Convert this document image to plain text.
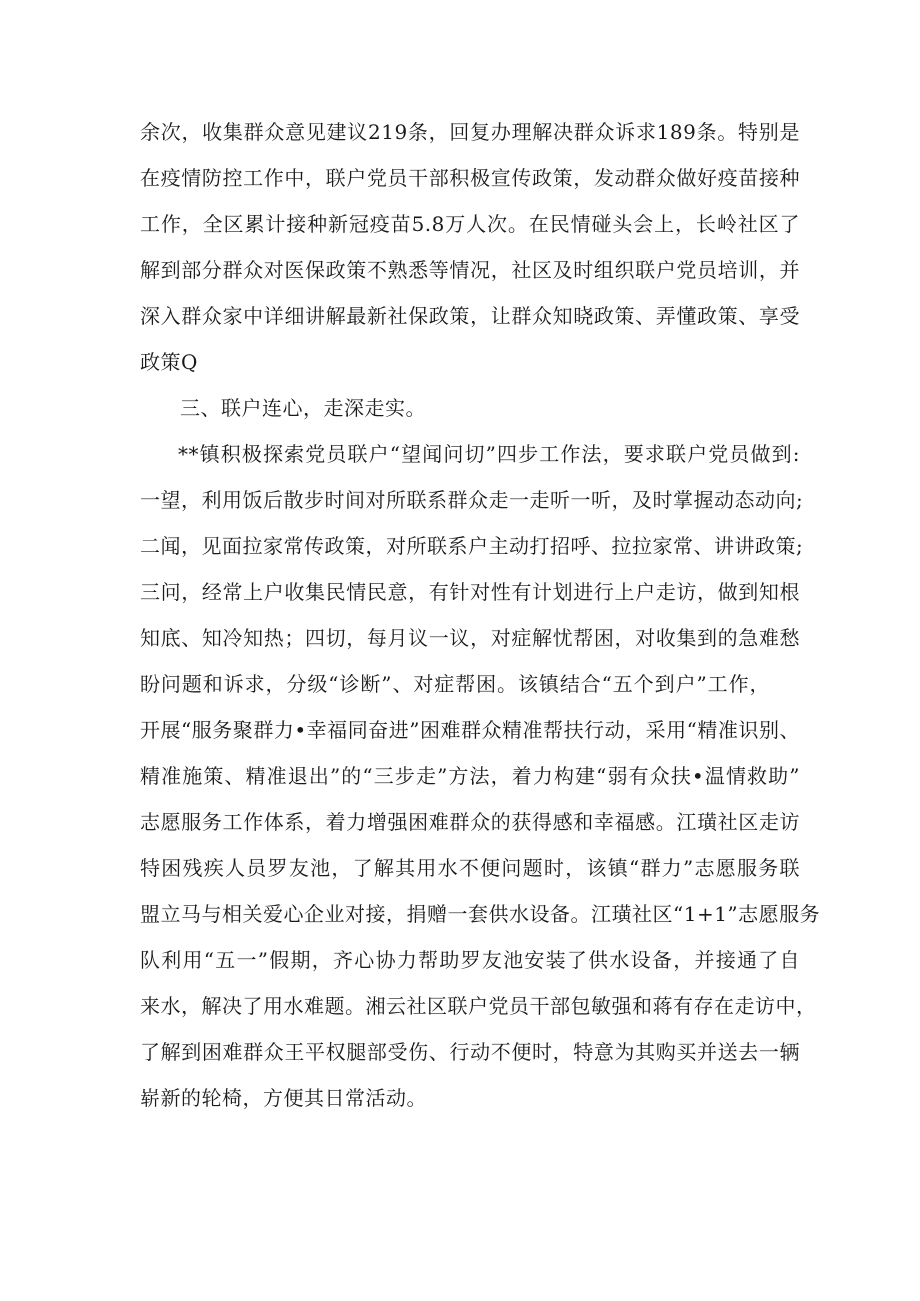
余次，收集群众意见建议219条，回复办理解决群众诉求189条。特别是
在疫情防控工作中，联户党员干部积极宣传政策，发动群众做好疫苗接种
工作，全区累计接种新冠疫苗5.8万人次。在民情碰头会上，长岭社区了
解到部分群众对医保政策不熟悉等情况，社区及时组织联户党员培训，并
深入群众家中详细讲解最新社保政策，让群众知晓政策、弄懂政策、享受
政策Q
三、联户连心，走深走实。
**镇积极探索党员联户“望闻问切”四步工作法，要求联户党员做到:
一望，利用饭后散步时间对所联系群众走一走听一听，及时掌握动态动向;
二闻，见面拉家常传政策，对所联系户主动打招呼、拉拉家常、讲讲政策;
三问，经常上户收集民情民意，有针对性有计划进行上户走访，做到知根
知底、知冷知热；四切，每月议一议，对症解忧帮困，对收集到的急难愁
盼问题和诉求，分级“诊断”、对症帮困。该镇结合“五个到户”工作，
开展“服务聚群力•幸福同奋进”困难群众精准帮扶行动，采用“精准识别、
精准施策、精准退出”的“三步走”方法，着力构建“弱有众扶•温情救助”
志愿服务工作体系，着力增强困难群众的获得感和幸福感。江璜社区走访
特困残疾人员罗友池，了解其用水不便问题时，该镇“群力”志愿服务联
盟立马与相关爱心企业对接，捐赠一套供水设备。江璜社区“1+1”志愿服务
队利用“五一”假期，齐心协力帮助罗友池安装了供水设备，并接通了自
来水，解决了用水难题。湘云社区联户党员干部包敏强和蒋有存在走访中，
了解到困难群众王平权腿部受伤、行动不便时，特意为其购买并送去一辆
崭新的轮椅，方便其日常活动。
